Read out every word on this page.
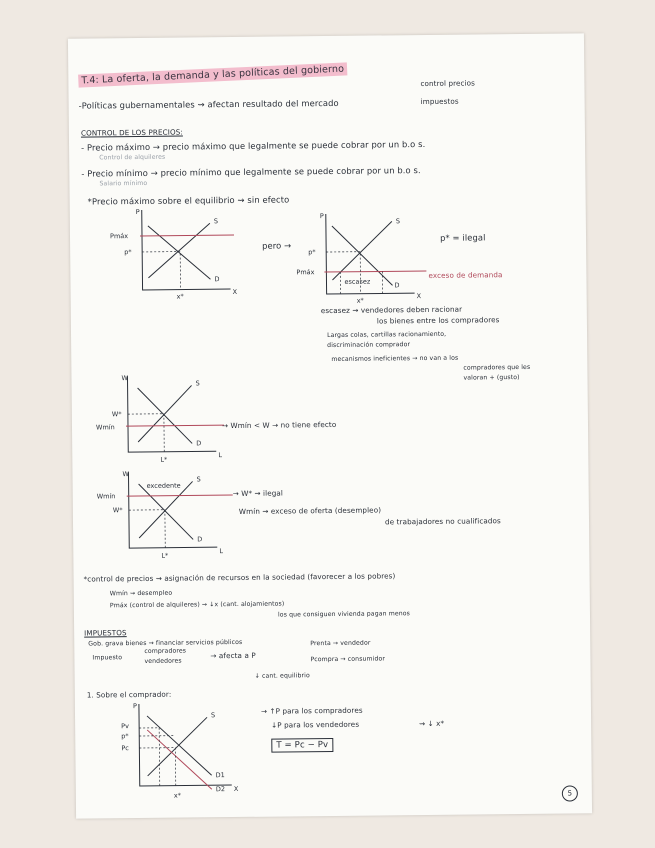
T.4: La oferta, la demanda y las políticas del gobierno
-Políticas gubernamentales ⇝ afectan resultado del mercado
control precios
impuestos
CONTROL DE LOS PRECIOS:
- Precio máximo → precio máximo que legalmente se puede cobrar por un b.o s.
Control de alquileres
- Precio mínimo → precio mínimo que legalmente se puede cobrar por un b.o s.
Salario mínimo
*Precio máximo sobre el equilibrio ⇝ sin efecto
P
Pmáx
p*
S
D
x*
X
pero →
P
p*
Pmáx
S
D
escasez
x*
X
p* = ilegal
exceso de demanda
escasez ⇝ vendedores deben racionar
los bienes entre los compradores
Largas colas, cartillas racionamiento,
discriminación comprador
mecanismos ineficientes → no van a los
compradores que les
valoran + (gusto)
W
W*
Wmín
S
D
L*
L
→ Wmín < W → no tiene efecto
W
Wmín
W*
excedente
S
D
L*
L
→ W* ⇝ ilegal
Wmín ⇝ exceso de oferta (desempleo)
de trabajadores no cualificados
*control de precios ⇝ asignación de recursos en la sociedad (favorecer a los pobres)
Wmín ⇝ desempleo
Pmáx (control de alquileres) ⇝ ↓x (cant. alojamientos)
los que consiguen vivienda pagan menos
IMPUESTOS
Gob. grava bienes ⇝ financiar servicios públicos
Impuesto
compradores
vendedores
→ afecta a P
Prenta → vendedor
Pcompra → consumidor
↓ cant. equilibrio
1. Sobre el comprador:
P
Pv
p*
Pc
S
D1
D2
x*
X
→ ↑P para los compradores
↓P para los vendedores	⇝ ↓ x*
T = Pc − Pv
5
